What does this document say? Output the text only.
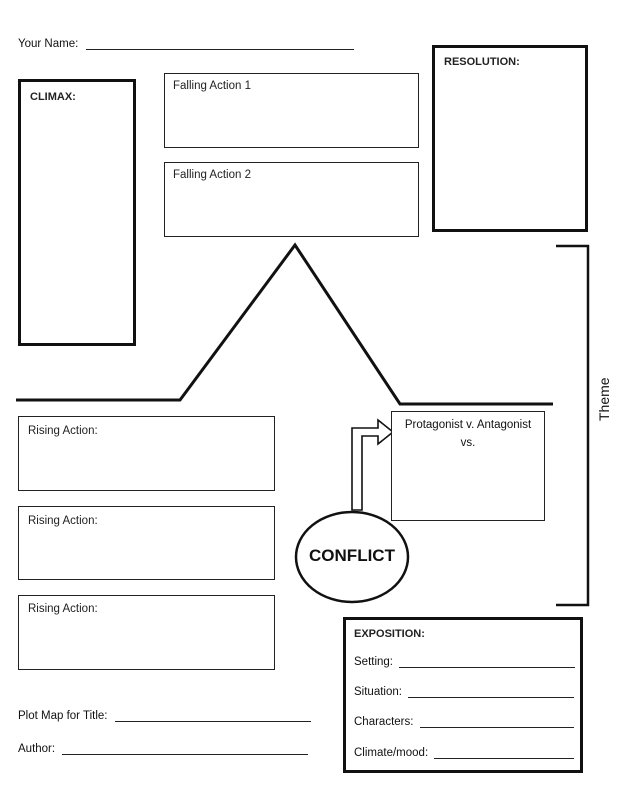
Your Name:
CLIMAX:
Falling Action 1
Falling Action 2
RESOLUTION:
Theme
Rising Action:
Rising Action:
Rising Action:
Protagonist v. Antagonist
vs.
CONFLICT
EXPOSITION:
Setting:
Situation:
Characters:
Climate/mood:
Plot Map for Title:
Author:
